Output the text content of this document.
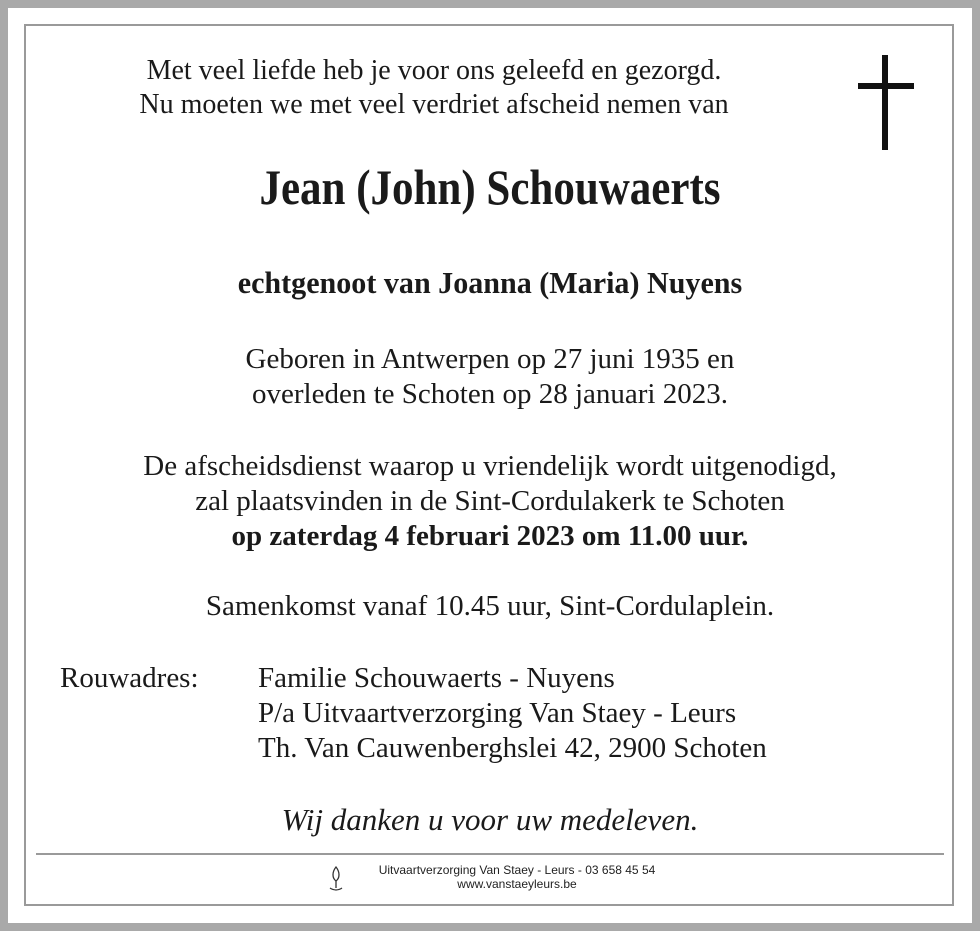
Met veel liefde heb je voor ons geleefd en gezorgd.
Nu moeten we met veel verdriet afscheid nemen van
Jean (John) Schouwaerts
echtgenoot van Joanna (Maria) Nuyens
Geboren in Antwerpen op 27 juni 1935 en
overleden te Schoten op 28 januari 2023.
De afscheidsdienst waarop u vriendelijk wordt uitgenodigd,
zal plaatsvinden in de Sint-Cordulakerk te Schoten
op zaterdag 4 februari 2023 om 11.00 uur.
Samenkomst vanaf 10.45 uur, Sint-Cordulaplein.
Rouwadres: Familie Schouwaerts - Nuyens
P/a Uitvaartverzorging Van Staey - Leurs
Th. Van Cauwenberghslei 42, 2900 Schoten
Wij danken u voor uw medeleven.
Uitvaartverzorging Van Staey - Leurs - 03 658 45 54
www.vanstaeyleurs.be
